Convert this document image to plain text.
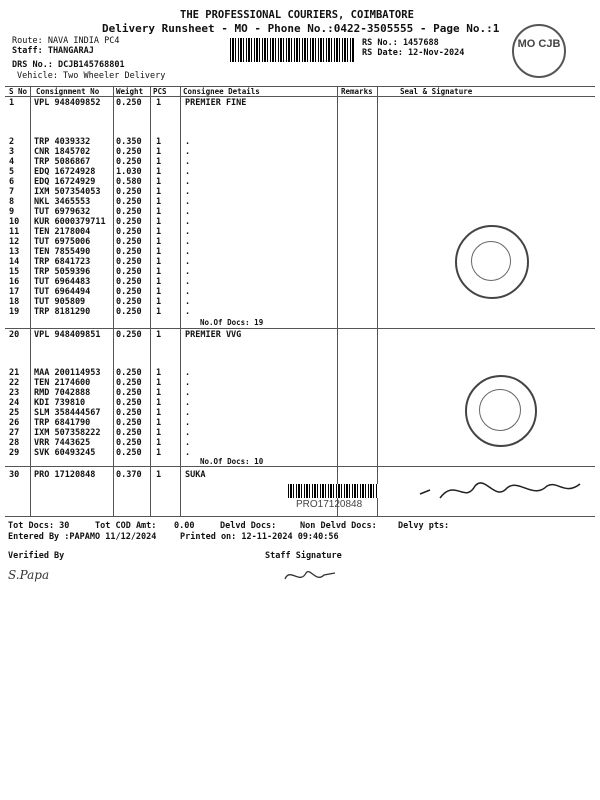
THE PROFESSIONAL COURIERS, COIMBATORE
Delivery Runsheet - MO - Phone No.:0422-3505555 - Page No.:1
Route: NAVA INDIA PC4
Staff: THANGARAJ
DRS No.: DCJB145768801
Vehicle: Two Wheeler Delivery
RS No.: 1457688
RS Date: 12-Nov-2024
MO CJB
S No Consignment No Weight PCS Consignee Details	Remarks	Seal & Signature
1 VPL 948409852 0.250 1	PREMIER FINE
2 TRP 4039332	0.350 1	.
3 CNR 1845702	0.250 1	.
4 TRP 5086867	0.250 1	.
5 EDQ 16724928 1.030 1	.
6 EDQ 16724929 0.580 1	.
7 IXM 507354053 0.250 1	.
8 NKL 3465553	0.250 1	.
9 TUT 6979632	0.250 1	.
10 KUR 6000379711 0.250 1	.
11 TEN 2178004	0.250 1	.
12 TUT 6975006	0.250 1	.
13 TEN 7855490	0.250 1	.
14 TRP 6841723	0.250 1	.
15 TRP 5059396	0.250 1	.
16 TUT 6964483	0.250 1	.
17 TUT 6964494	0.250 1	.
18 TUT 905809	0.250 1	.
19 TRP 8181290	0.250 1	.
20 VPL 948409851 0.250 1	PREMIER VVG
21 MAA 200114953 0.250 1	.
22 TEN 2174600	0.250 1	.
23 RMD 7042888	0.250 1	.
24 KDI 739810	0.250 1	.
25 SLM 358444567 0.250 1	.
26 TRP 6841790	0.250 1	.
27 IXM 507358222 0.250 1	.
28 VRR 7443625	0.250 1	.
29 SVK 60493245 0.250 1	.
30 PRO 17120848 0.370 1	SUKA
No.Of Docs: 19
No.Of Docs: 10
PRO17120848
Tot Docs: 30	Tot COD Amt: 0.00	Delvd Docs:	Non Delvd Docs: Delvy pts:
Entered By :PAPAMO 11/12/2024	Printed on: 12-11-2024 09:40:56
Verified By	Staff Signature
S.Papa
